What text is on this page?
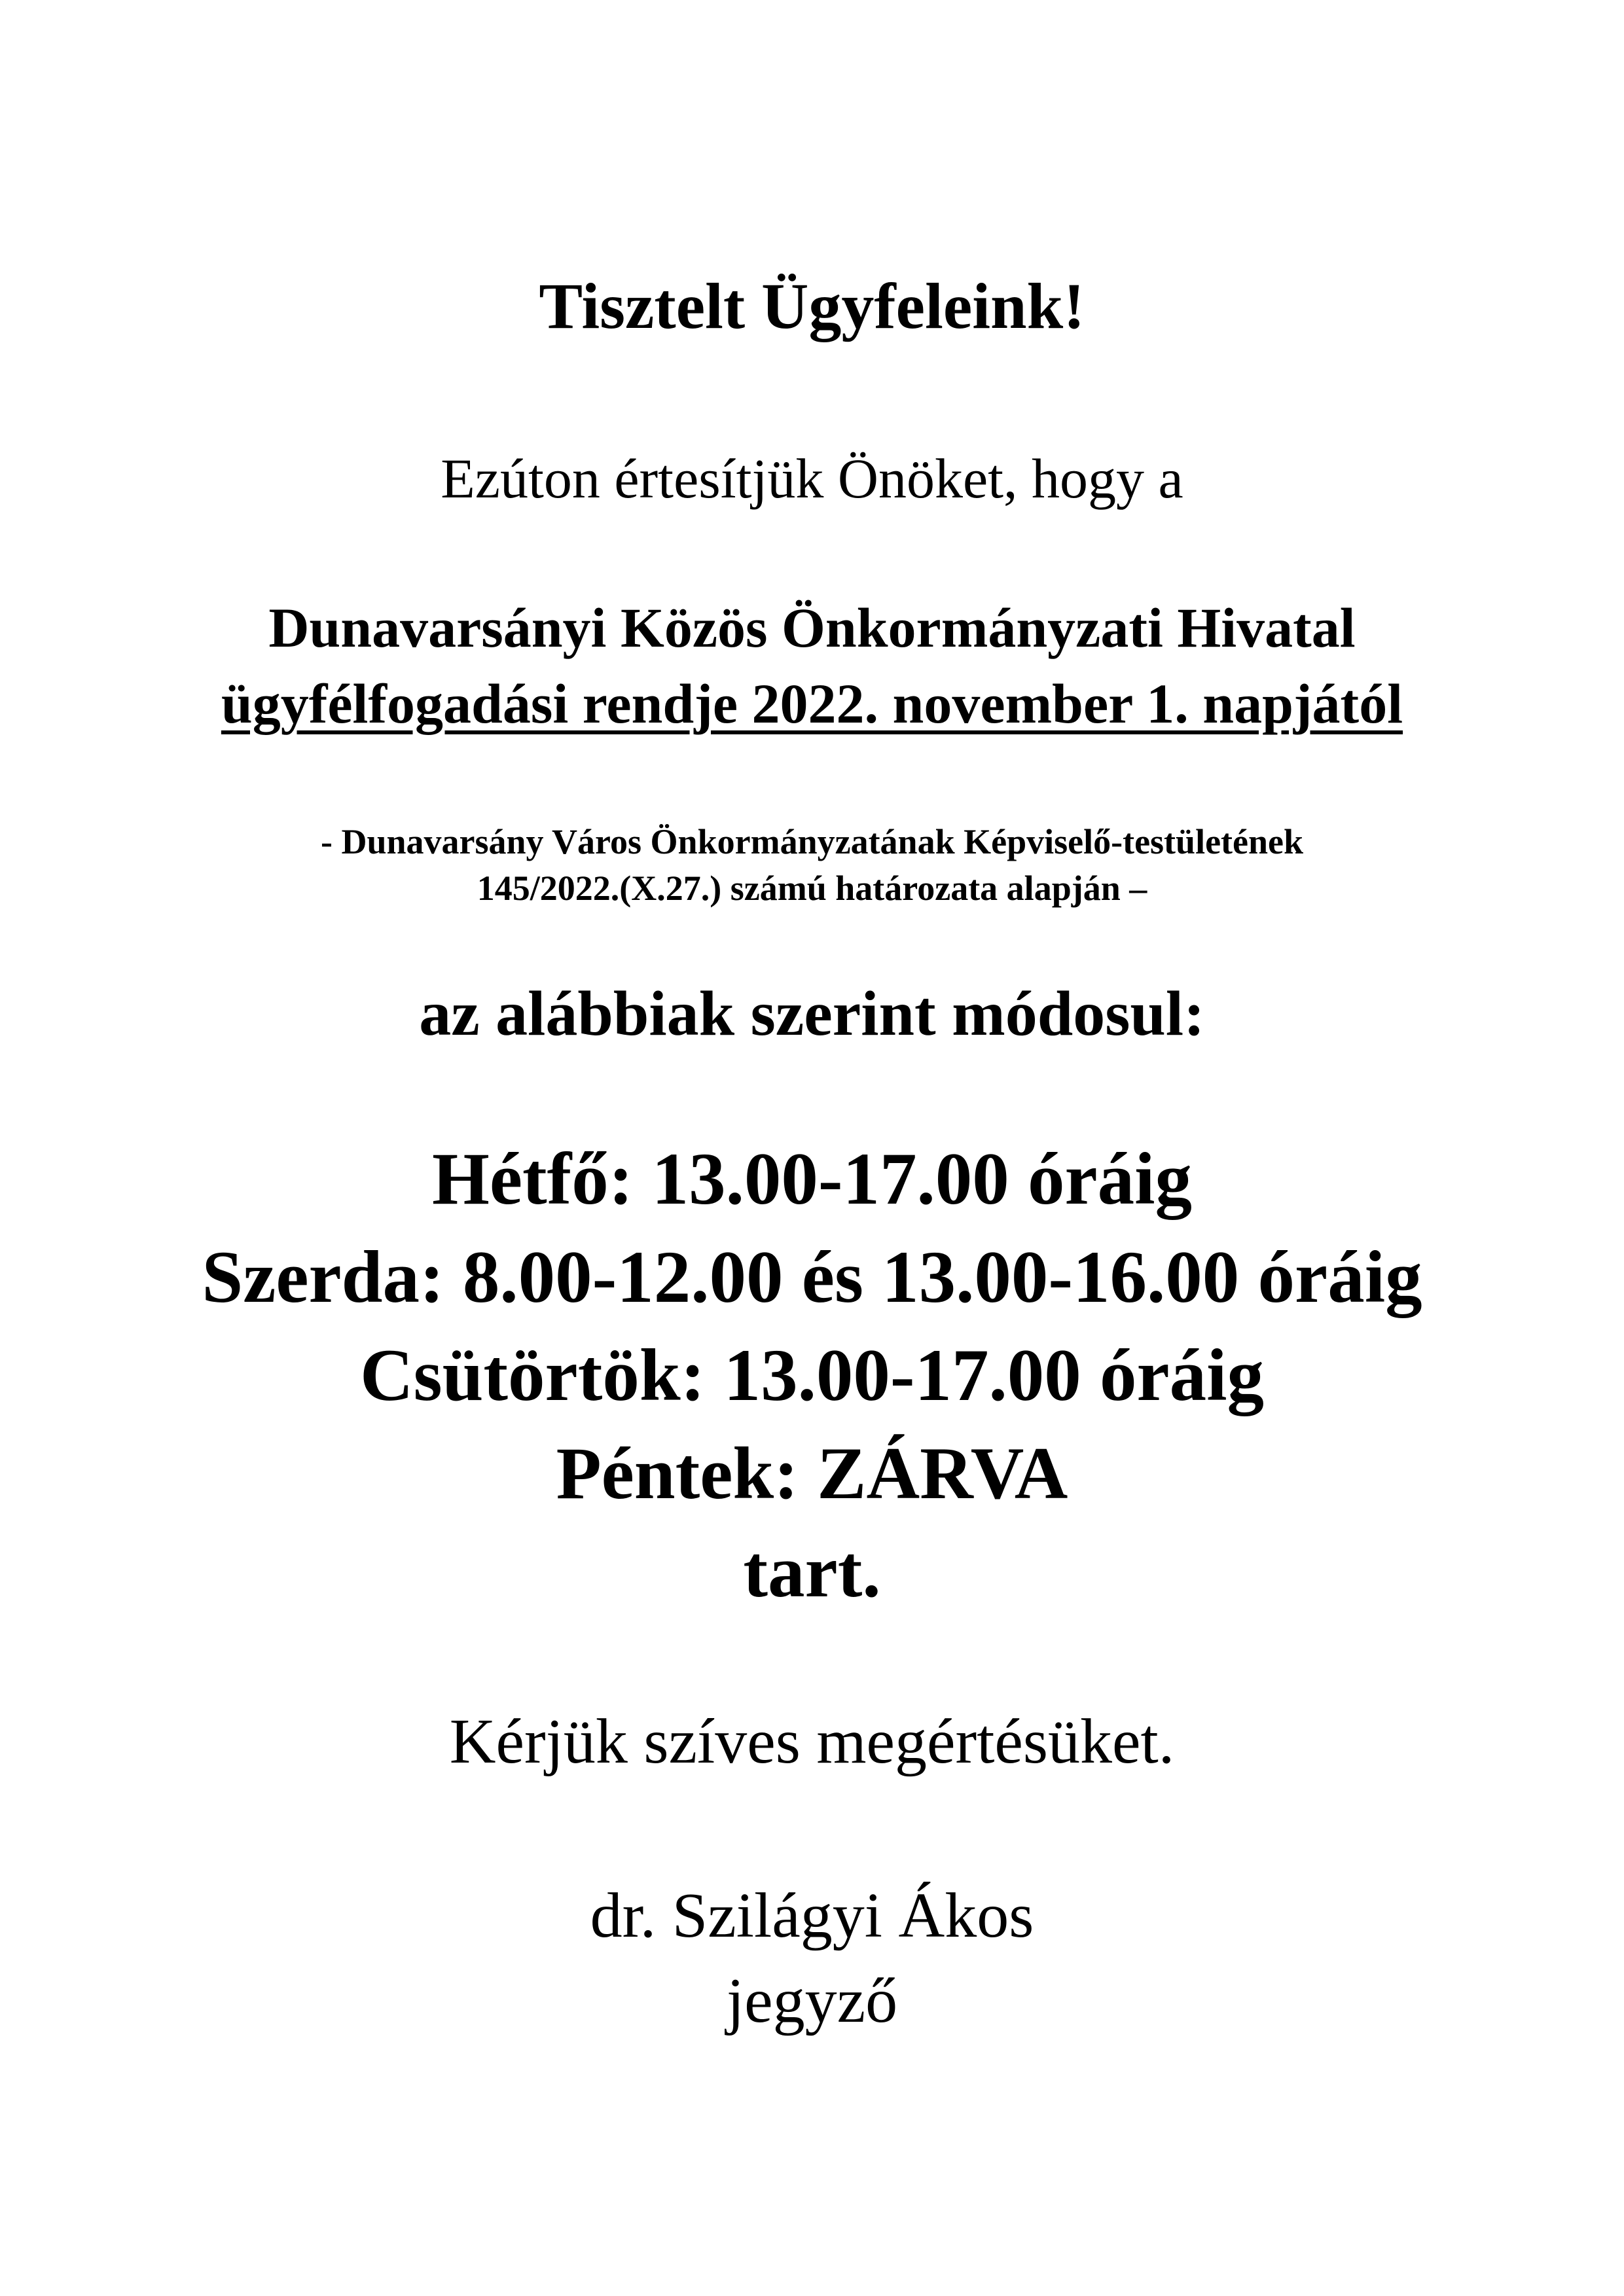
Tisztelt Ügyfeleink!
Ezúton értesítjük Önöket, hogy a
Dunavarsányi Közös Önkormányzati Hivatal
ügyfélfogadási rendje 2022. november 1. napjától
- Dunavarsány Város Önkormányzatának Képviselő-testületének
145/2022.(X.27.) számú határozata alapján –
az alábbiak szerint módosul:
Hétfő: 13.00-17.00 óráig
Szerda: 8.00-12.00 és 13.00-16.00 óráig
Csütörtök: 13.00-17.00 óráig
Péntek: ZÁRVA
tart.
Kérjük szíves megértésüket.
dr. Szilágyi Ákos
jegyző
